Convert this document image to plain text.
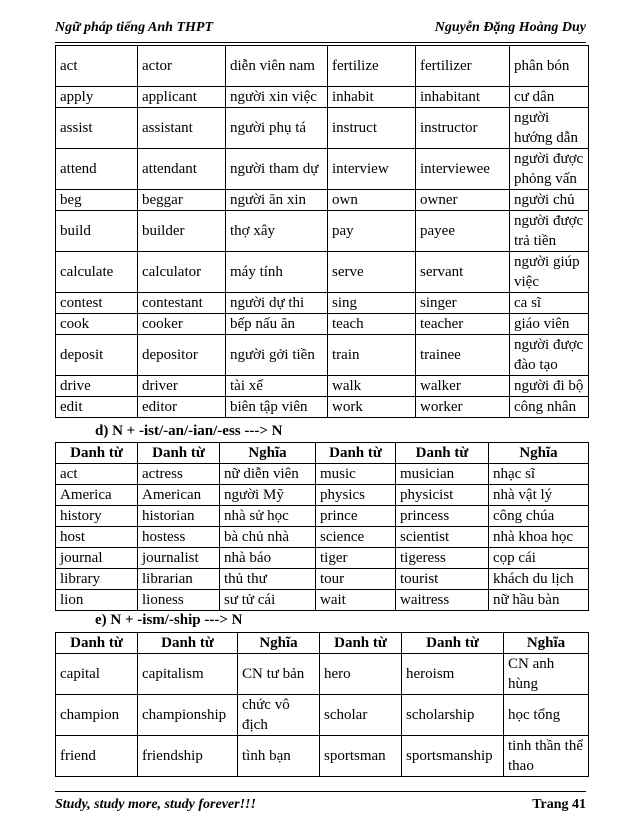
Ngữ pháp tiếng Anh THPT	Nguyễn Đặng Hoàng Duy
act	actor	diễn viên nam	fertilize	fertilizer	phân bón
apply	applicant	người xin việc	inhabit	inhabitant	cư dân
assist	assistant	người phụ tá	instruct	instructor	người hướng dẫn
attend	attendant	người tham dự	interview	interviewee	người được phỏng vấn
beg	beggar	người ăn xin	own	owner	người chủ
build	builder	thợ xây	pay	payee	người được trả tiền
calculate	calculator	máy tính	serve	servant	người giúp việc
contest	contestant	người dự thi	sing	singer	ca sĩ
cook	cooker	bếp nấu ăn	teach	teacher	giáo viên
deposit	depositor	người gởi tiền	train	trainee	người được đào tạo
drive	driver	tài xế	walk	walker	người đi bộ
edit	editor	biên tập viên	work	worker	công nhân
d) N + -ist/-an/-ian/-ess ---> N
Danh từ	Danh từ	Nghĩa	Danh từ	Danh từ	Nghĩa
act	actress	nữ diễn viên	music	musician	nhạc sĩ
America	American	người Mỹ	physics	physicist	nhà vật lý
history	historian	nhà sử học	prince	princess	công chúa
host	hostess	bà chủ nhà	science	scientist	nhà khoa học
journal	journalist	nhà báo	tiger	tigeress	cọp cái
library	librarian	thủ thư	tour	tourist	khách du lịch
lion	lioness	sư tử cái	wait	waitress	nữ hầu bàn
e) N + -ism/-ship ---> N
Danh từ	Danh từ	Nghĩa	Danh từ	Danh từ	Nghĩa
capital	capitalism	CN tư bản	hero	heroism	CN anh hùng
champion	championship	chức vô địch	scholar	scholarship	học tổng
friend	friendship	tình bạn	sportsman	sportsmanship	tinh thần thể thao
Study, study more, study forever!!!	Trang 41
